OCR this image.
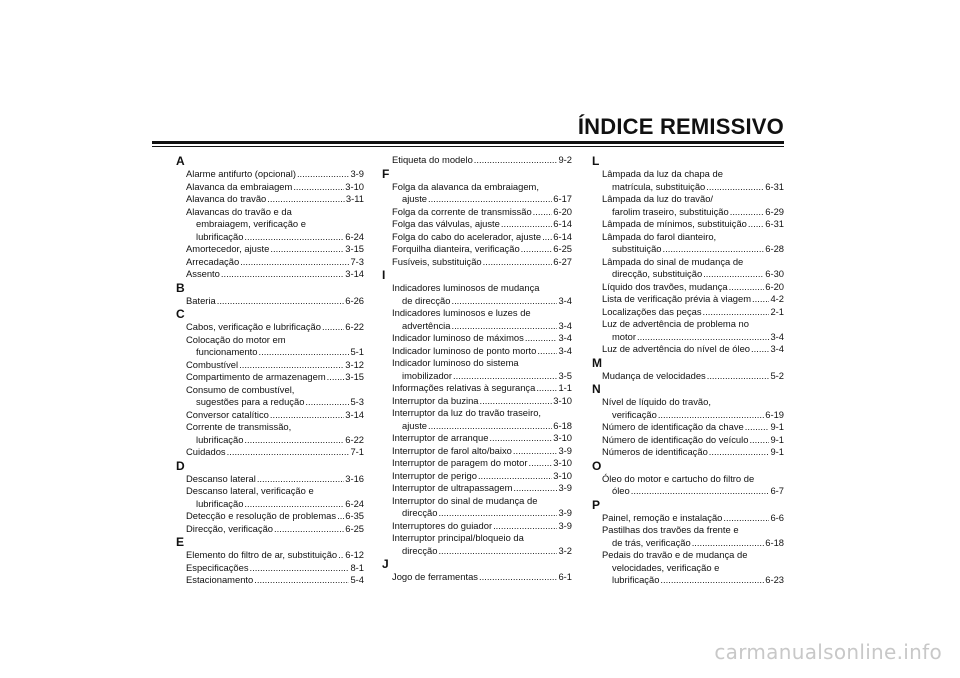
ÍNDICE REMISSIVO
A
Alarme antifurto (opcional) .....	3-9
Alavanca da embraiagem .....	3-10
Alavanca do travão .....	3-11
Alavancas do travão e da
embraiagem, verificação e
lubrificação .....	6-24
Amortecedor, ajuste .....	3-15
Arrecadação .....	7-3
Assento .....	3-14
B
Bateria .....	6-26
C
Cabos, verificação e lubrificação .....	6-22
Colocação do motor em
funcionamento .....	5-1
Combustível .....	3-12
Compartimento de armazenagem ..... 3-15
Consumo de combustível,
sugestões para a redução .....	5-3
Conversor catalítico .....	3-14
Corrente de transmissão,
lubrificação .....	6-22
Cuidados .....	7-1
D
Descanso lateral .....	3-16
Descanso lateral, verificação e
lubrificação .....	6-24
Detecção e resolução de problemas ..... 6-35
Direcção, verificação .....	6-25
E
Elemento do filtro de ar, substituição ..... 6-12
Especificações .....	8-1
Estacionamento .....	5-4
Etiqueta do modelo .....	9-2
F
Folga da alavanca da embraiagem,
ajuste .....	6-17
Folga da corrente de transmissão ..... 6-20
Folga das válvulas, ajuste .....	6-14
Folga do cabo do acelerador, ajuste ..... 6-14
Forquilha dianteira, verificação .....	6-25
Fusíveis, substituição .....	6-27
I
Indicadores luminosos de mudança
de direcção .....	3-4
Indicadores luminosos e luzes de
advertência .....	3-4
Indicador luminoso de máximos .....	3-4
Indicador luminoso de ponto morto ..... 3-4
Indicador luminoso do sistema
imobilizador .....	3-5
Informações relativas à segurança ..... 1-1
Interruptor da buzina .....	3-10
Interruptor da luz do travão traseiro,
ajuste .....	6-18
Interruptor de arranque .....	3-10
Interruptor de farol alto/baixo .....	3-9
Interruptor de paragem do motor .....	3-10
Interruptor de perigo .....	3-10
Interruptor de ultrapassagem .....	3-9
Interruptor do sinal de mudança de
direcção .....	3-9
Interruptores do guiador .....	3-9
Interruptor principal/bloqueio da
direcção .....	3-2
J
Jogo de ferramentas .....	6-1
L
Lâmpada da luz da chapa de
matrícula, substituição .....	6-31
Lâmpada da luz do travão/
farolim traseiro, substituição .....	6-29
Lâmpada de mínimos, substituição ..... 6-31
Lâmpada do farol dianteiro,
substituição .....	6-28
Lâmpada do sinal de mudança de
direcção, substituição .....	6-30
Líquido dos travões, mudança .....	6-20
Lista de verificação prévia à viagem ..... 4-2
Localizações das peças .....	2-1
Luz de advertência de problema no
motor .....	3-4
Luz de advertência do nível de óleo ..... 3-4
M
Mudança de velocidades .....	5-2
N
Nível de líquido do travão,
verificação .....	6-19
Número de identificação da chave .....	9-1
Número de identificação do veículo ..... 9-1
Números de identificação .....	9-1
O
Óleo do motor e cartucho do filtro de
óleo .....	6-7
P
Painel, remoção e instalação .....	6-6
Pastilhas dos travões da frente e
de trás, verificação .....	6-18
Pedais do travão e de mudança de
velocidades, verificação e
lubrificação .....	6-23
carmanualsonline.info
